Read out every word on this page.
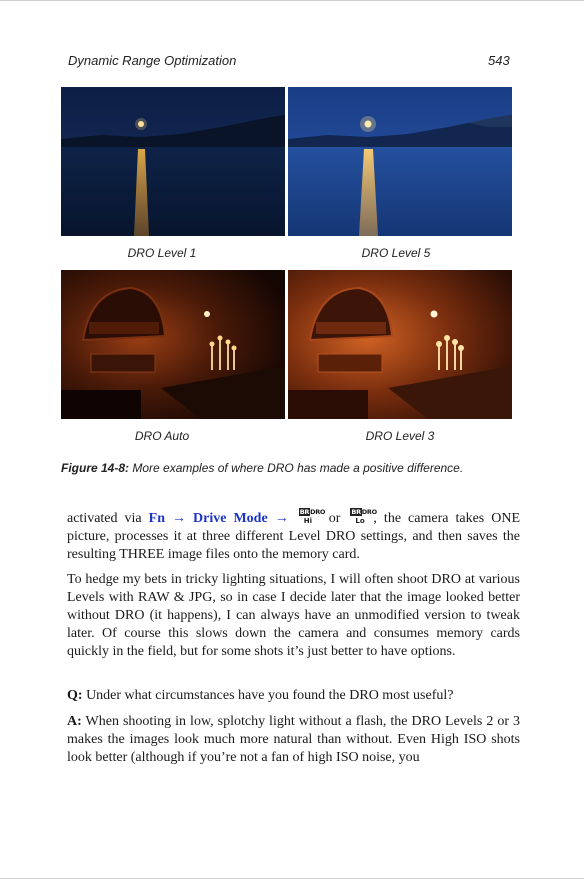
Dynamic Range Optimization	543
DRO Level 1	DRO Level 5
DRO Auto	DRO Level 3
Figure 14-8: More examples of where DRO has made a positive difference.
activated via Fn → Drive Mode → BRDRO
Hi or BRDRO
Lo , the camera takes ONE picture, processes it at three different Level DRO settings, and then saves the resulting THREE image files onto the memory card.
To hedge my bets in tricky lighting situations, I will often shoot DRO at various Levels with RAW & JPG, so in case I decide later that the image looked better without DRO (it happens), I can always have an unmodified version to tweak later. Of course this slows down the camera and consumes memory cards quickly in the field, but for some shots it’s just better to have options.
Q: Under what circumstances have you found the DRO most useful?
A: When shooting in low, splotchy light without a flash, the DRO Levels 2 or 3 makes the images look much more natural than without. Even High ISO shots look better (although if you’re not a fan of high ISO noise, you
